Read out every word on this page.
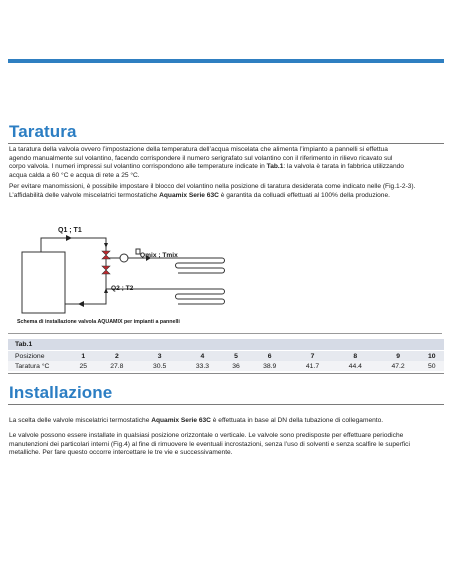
Taratura
La taratura della valvola ovvero l’impostazione della temperatura dell’acqua miscelata che alimenta l’impianto a pannelli si effettua
agendo manualmente sul volantino, facendo corrispondere il numero serigrafato sul volantino con il riferimento in rilievo ricavato sul
corpo valvola. I numeri impressi sul volantino corrispondono alle temperature indicate in Tab.1: la valvola è tarata in fabbrica utilizzando
acqua calda a 60 °C e acqua di rete a 25 °C.
Per evitare manomissioni, è possibile impostare il blocco del volantino nella posizione di taratura desiderata come indicato nelle (Fig.1-2-3).
L’affidabilità delle valvole miscelatrici termostatiche Aquamix Serie 63C è garantita da colluadi effettuati al 100% della produzione.
Q1 ; T1
Qmix ; Tmix
Q2 ; T2
Schema di installazione valvola AQUAMIX per impianti a pannelli
Tab.1
Posizione	1	2	3	4	5	6	7	8	9	10
Taratura °C	25	27.8	30.5	33.3	36	38.9	41.7	44.4	47.2	50
Installazione
La scelta delle valvole miscelatrici termostatiche Aquamix Serie 63C è effettuata in base al DN della tubazione di collegamento.
Le valvole possono essere installate in qualsiasi posizione orizzontale o verticale. Le valvole sono predisposte per effettuare periodiche
manutenzioni dei particolari interni (Fig.4) al fine di rimuovere le eventuali incrostazioni, senza l’uso di solventi e senza scalfire le superfici
metalliche. Per fare questo occorre intercettare le tre vie e successivamente.
